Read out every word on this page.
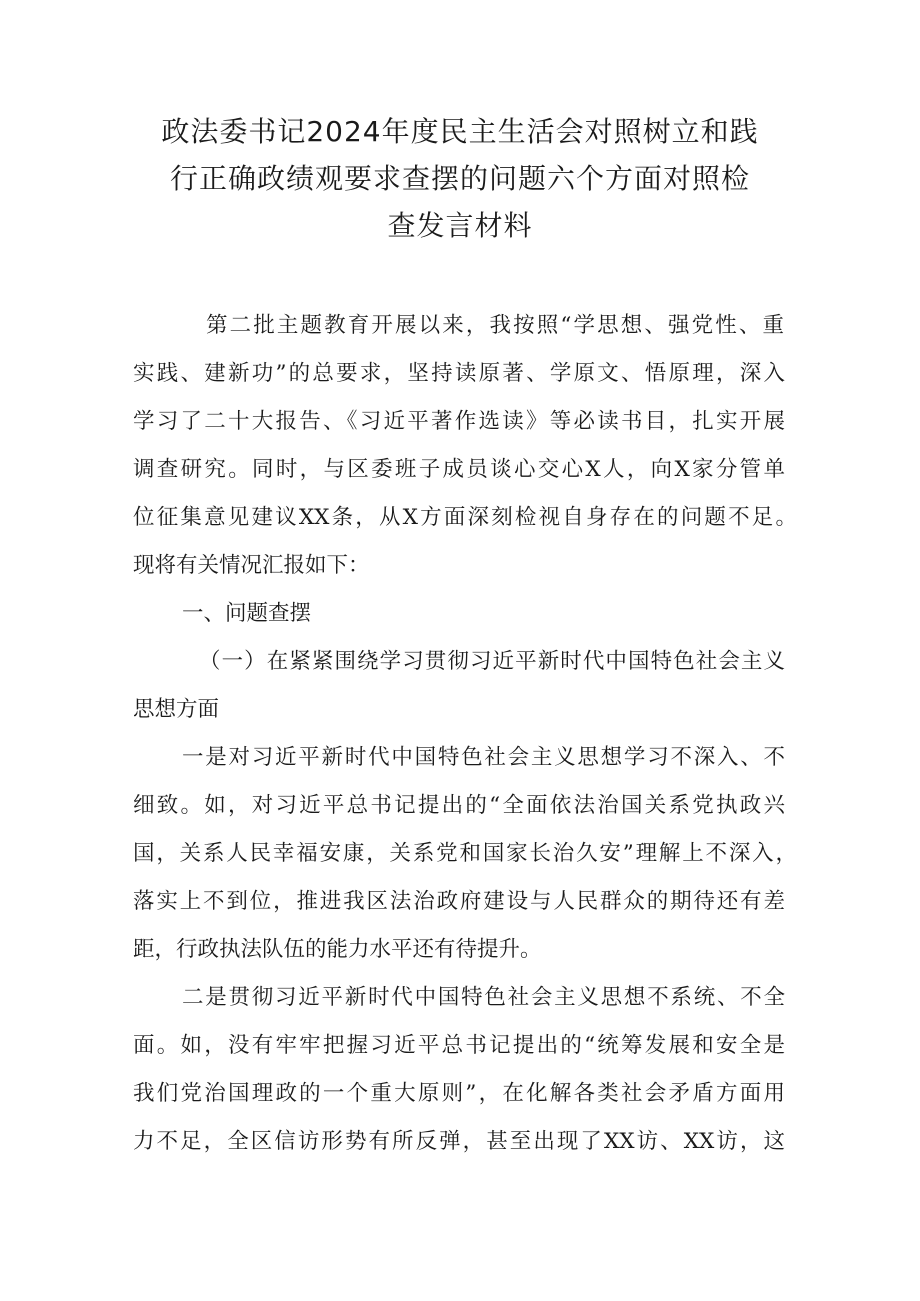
政法委书记2024年度民主生活会对照树立和践
行正确政绩观要求查摆的问题六个方面对照检
查发言材料
第二批主题教育开展以来，我按照“学思想、强党性、重
实践、建新功”的总要求，坚持读原著、学原文、悟原理，深入
学习了二十大报告、《习近平著作选读》等必读书目，扎实开展
调查研究。同时，与区委班子成员谈心交心X人，向X家分管单
位征集意见建议XX条，从X方面深刻检视自身存在的问题不足。
现将有关情况汇报如下：
一、问题查摆
（一）在紧紧围绕学习贯彻习近平新时代中国特色社会主义
思想方面
一是对习近平新时代中国特色社会主义思想学习不深入、不
细致。如，对习近平总书记提出的“全面依法治国关系党执政兴
国，关系人民幸福安康，关系党和国家长治久安”理解上不深入，
落实上不到位，推进我区法治政府建设与人民群众的期待还有差
距，行政执法队伍的能力水平还有待提升。
二是贯彻习近平新时代中国特色社会主义思想不系统、不全
面。如，没有牢牢把握习近平总书记提出的“统筹发展和安全是
我们党治国理政的一个重大原则”，在化解各类社会矛盾方面用
力不足，全区信访形势有所反弹，甚至出现了XX访、XX访，这
